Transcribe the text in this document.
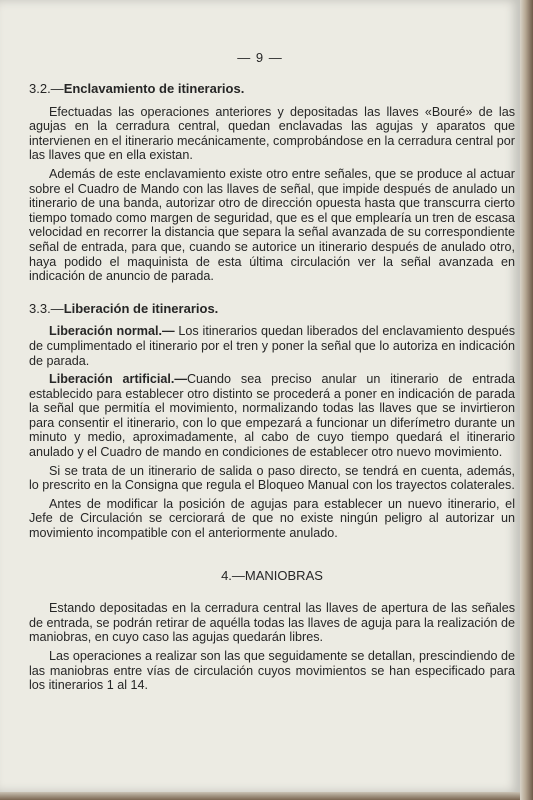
— 9 —
3.2.—Enclavamiento de itinerarios.

Efectuadas las operaciones anteriores y depositadas las llaves «Bouré» de las agujas en la cerradura central, quedan enclavadas las agujas y aparatos que intervienen en el itinerario mecánicamente, comprobándose en la cerradura central por las llaves que en ella existan.

Además de este enclavamiento existe otro entre señales, que se produce al actuar sobre el Cuadro de Mando con las llaves de señal, que impide después de anulado un itinerario de una banda, autorizar otro de dirección opuesta hasta que transcurra cierto tiempo tomado como margen de seguridad, que es el que emplearía un tren de escasa velocidad en recorrer la distancia que separa la señal avanzada de su correspondiente señal de entrada, para que, cuando se autorice un itinerario después de anulado otro, haya podido el maquinista de esta última circulación ver la señal avanzada en indicación de anuncio de parada.

3.3.—Liberación de itinerarios.

Liberación normal.— Los itinerarios quedan liberados del enclavamiento después de cumplimentado el itinerario por el tren y poner la señal que lo autoriza en indicación de parada.

Liberación artificial.—Cuando sea preciso anular un itinerario de entrada establecido para establecer otro distinto se procederá a poner en indicación de parada la señal que permitía el movimiento, normalizando todas las llaves que se invirtieron para consentir el itinerario, con lo que empezará a funcionar un diferímetro durante un minuto y medio, aproximadamente, al cabo de cuyo tiempo quedará el itinerario anulado y el Cuadro de mando en condiciones de establecer otro nuevo movimiento.

Si se trata de un itinerario de salida o paso directo, se tendrá en cuenta, además, lo prescrito en la Consigna que regula el Bloqueo Manual con los trayectos colaterales.

Antes de modificar la posición de agujas para establecer un nuevo itinerario, el Jefe de Circulación se cerciorará de que no existe ningún peligro al autorizar un movimiento incompatible con el anteriormente anulado.

4.—MANIOBRAS

Estando depositadas en la cerradura central las llaves de apertura de las señales de entrada, se podrán retirar de aquélla todas las llaves de aguja para la realización de maniobras, en cuyo caso las agujas quedarán libres.

Las operaciones a realizar son las que seguidamente se detallan, prescindiendo de las maniobras entre vías de circulación cuyos movimientos se han especificado para los itinerarios 1 al 14.
